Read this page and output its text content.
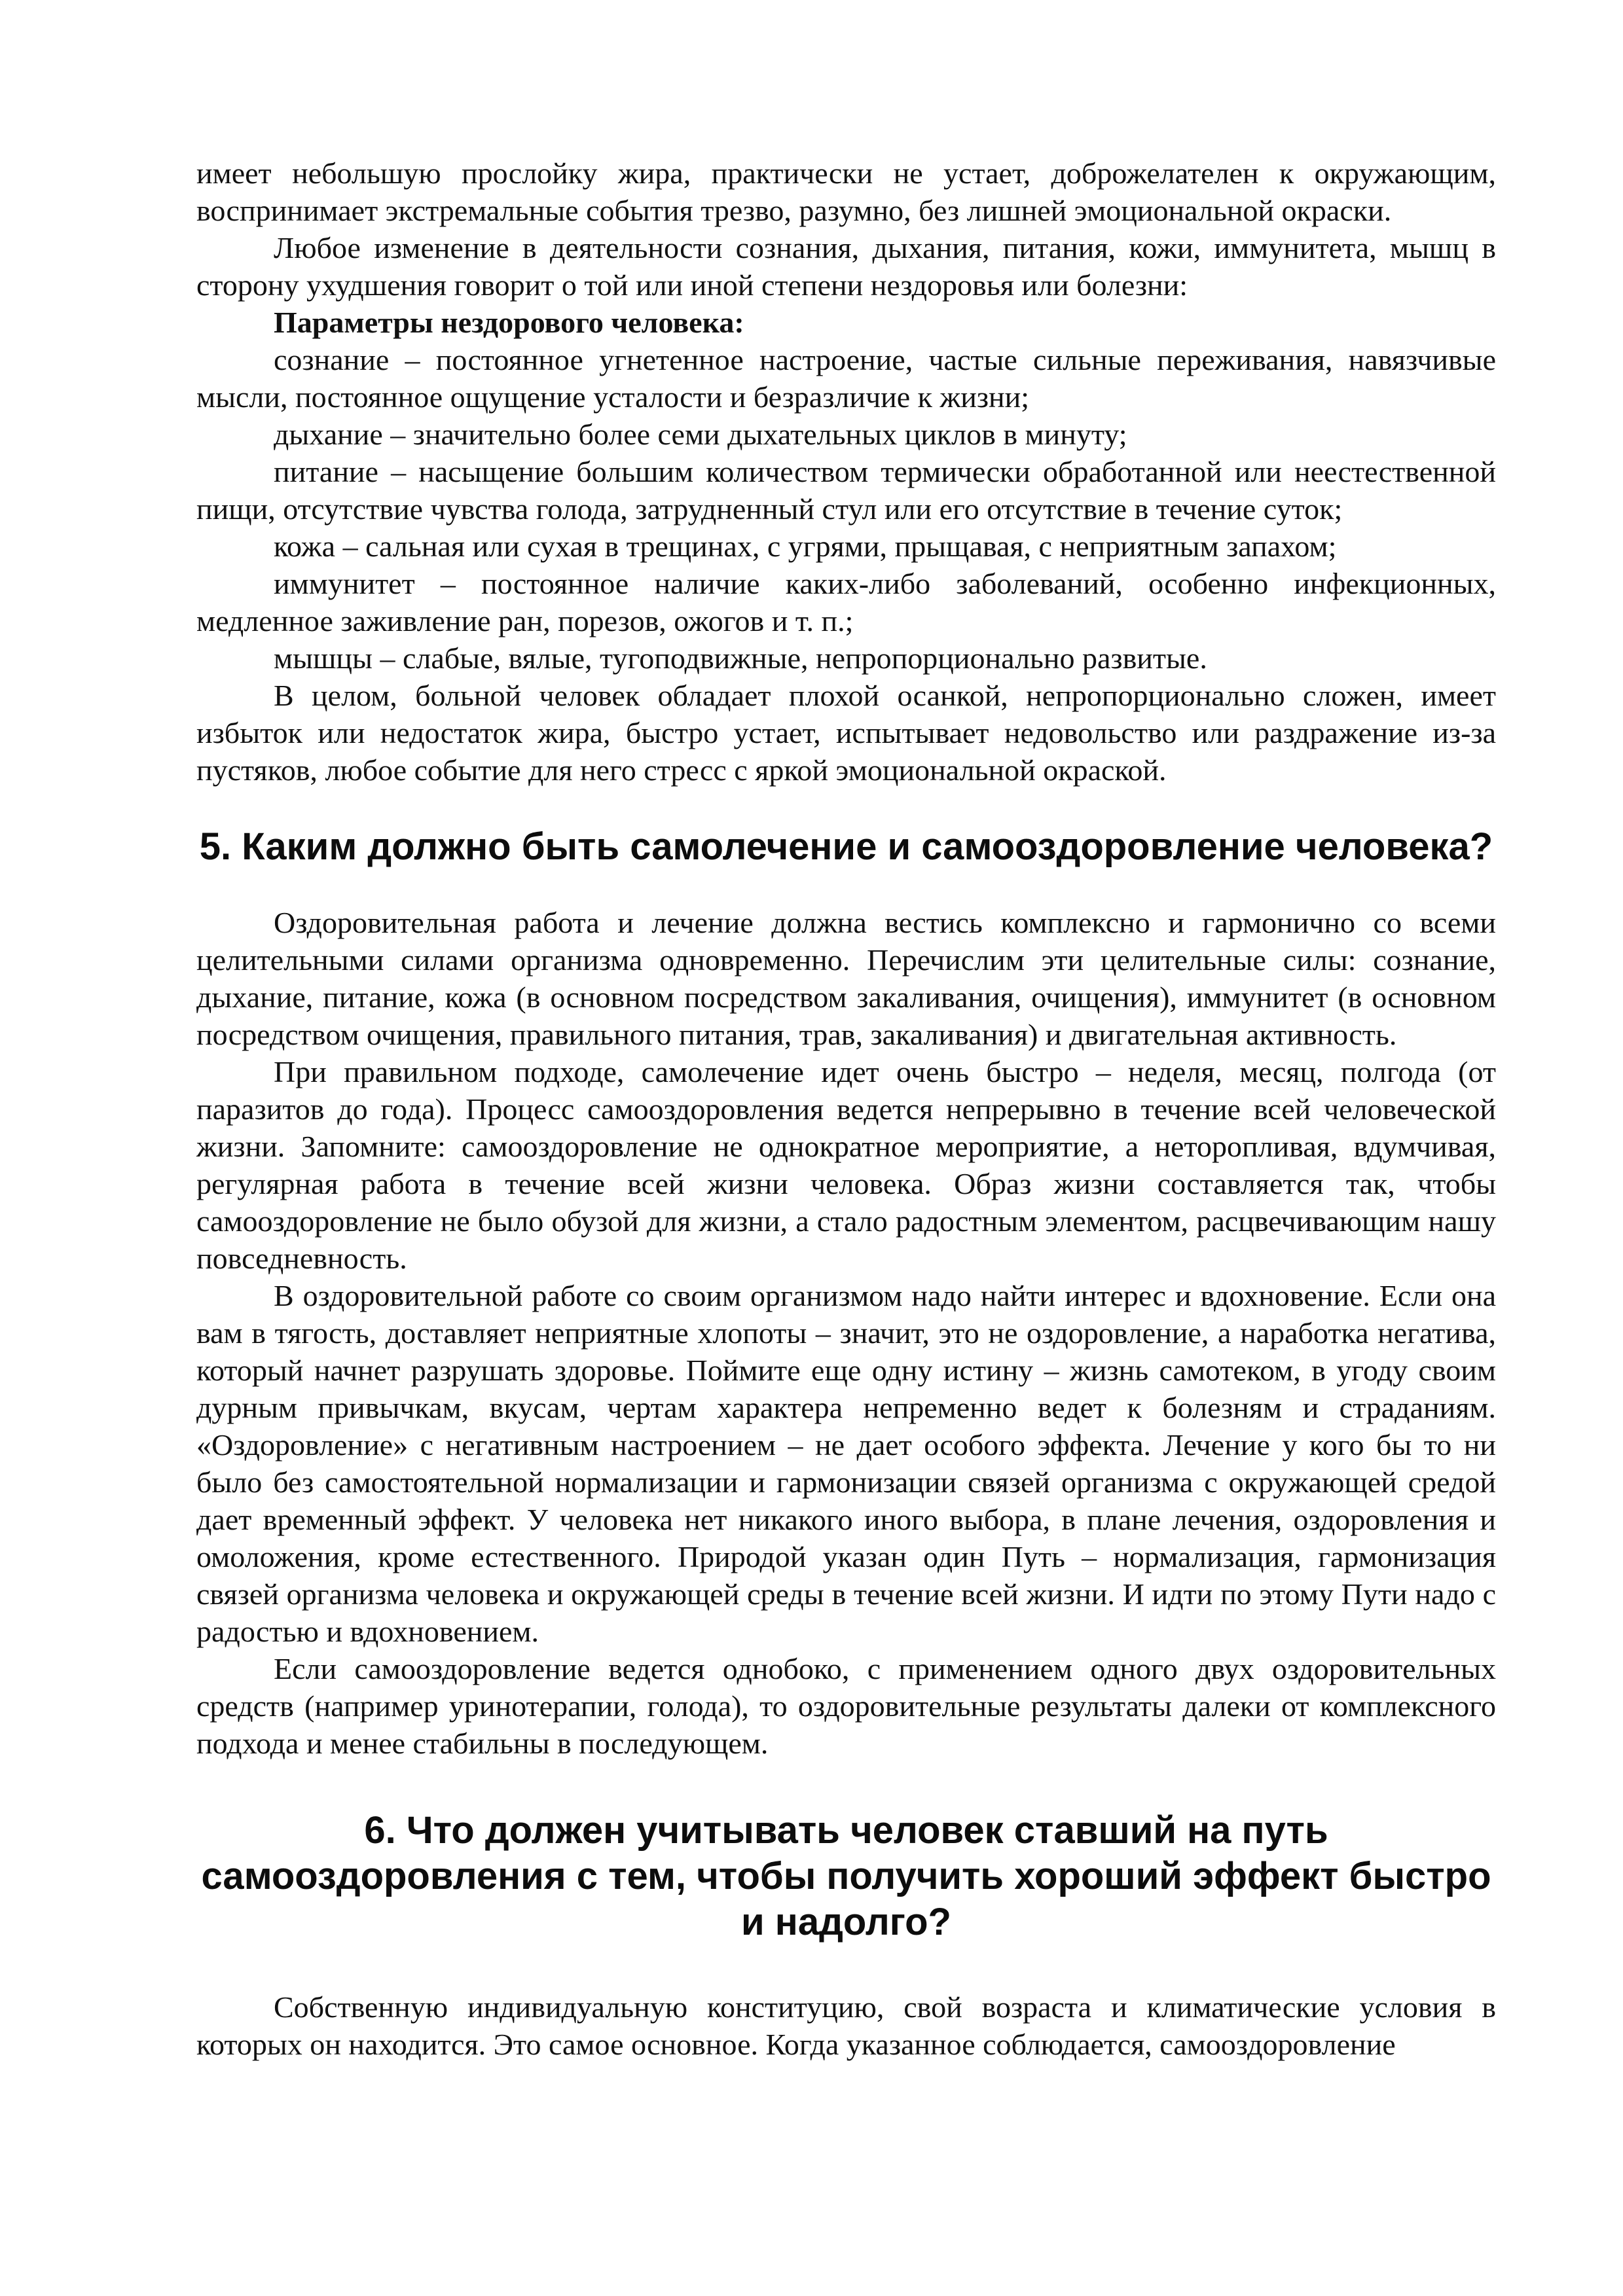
имеет небольшую прослойку жира, практически не устает, доброжелателен к окружающим, воспринимает экстремальные события трезво, разумно, без лишней эмоциональной окраски.

Любое изменение в деятельности сознания, дыхания, питания, кожи, иммунитета, мышц в сторону ухудшения говорит о той или иной степени нездоровья или болезни:

Параметры нездорового человека:

сознание – постоянное угнетенное настроение, частые сильные переживания, навязчивые мысли, постоянное ощущение усталости и безразличие к жизни;

дыхание – значительно более семи дыхательных циклов в минуту;

питание – насыщение большим количеством термически обработанной или неестественной пищи, отсутствие чувства голода, затрудненный стул или его отсутствие в течение суток;

кожа – сальная или сухая в трещинах, с угрями, прыщавая, с неприятным запахом;

иммунитет – постоянное наличие каких-либо заболеваний, особенно инфекционных, медленное заживление ран, порезов, ожогов и т. п.;

мышцы – слабые, вялые, тугоподвижные, непропорционально развитые.

В целом, больной человек обладает плохой осанкой, непропорционально сложен, имеет избыток или недостаток жира, быстро устает, испытывает недовольство или раздражение из-за пустяков, любое событие для него стресс с яркой эмоциональной окраской.

5. Каким должно быть самолечение и самооздоровление человека?

Оздоровительная работа и лечение должна вестись комплексно и гармонично со всеми целительными силами организма одновременно. Перечислим эти целительные силы: сознание, дыхание, питание, кожа (в основном посредством закаливания, очищения), иммунитет (в основном посредством очищения, правильного питания, трав, закаливания) и двигательная активность.

При правильном подходе, самолечение идет очень быстро – неделя, месяц, полгода (от паразитов до года). Процесс самооздоровления ведется непрерывно в течение всей человеческой жизни. Запомните: самооздоровление не однократное мероприятие, а неторопливая, вдумчивая, регулярная работа в течение всей жизни человека. Образ жизни составляется так, чтобы самооздоровление не было обузой для жизни, а стало радостным элементом, расцвечивающим нашу повседневность.

В оздоровительной работе со своим организмом надо найти интерес и вдохновение. Если она вам в тягость, доставляет неприятные хлопоты – значит, это не оздоровление, а наработка негатива, который начнет разрушать здоровье. Поймите еще одну истину – жизнь самотеком, в угоду своим дурным привычкам, вкусам, чертам характера непременно ведет к болезням и страданиям. «Оздоровление» с негативным настроением – не дает особого эффекта. Лечение у кого бы то ни было без самостоятельной нормализации и гармонизации связей организма с окружающей средой дает временный эффект. У человека нет никакого иного выбора, в плане лечения, оздоровления и омоложения, кроме естественного. Природой указан один Путь – нормализация, гармонизация связей организма человека и окружающей среды в течение всей жизни. И идти по этому Пути надо с радостью и вдохновением.

Если самооздоровление ведется однобоко, с применением одного двух оздоровительных средств (например уринотерапии, голода), то оздоровительные результаты далеки от комплексного подхода и менее стабильны в последующем.

6. Что должен учитывать человек ставший на путь
самооздоровления с тем, чтобы получить хороший эффект быстро
и надолго?

Собственную индивидуальную конституцию, свой возраста и климатические условия в которых он находится. Это самое основное. Когда указанное соблюдается, самооздоровление
